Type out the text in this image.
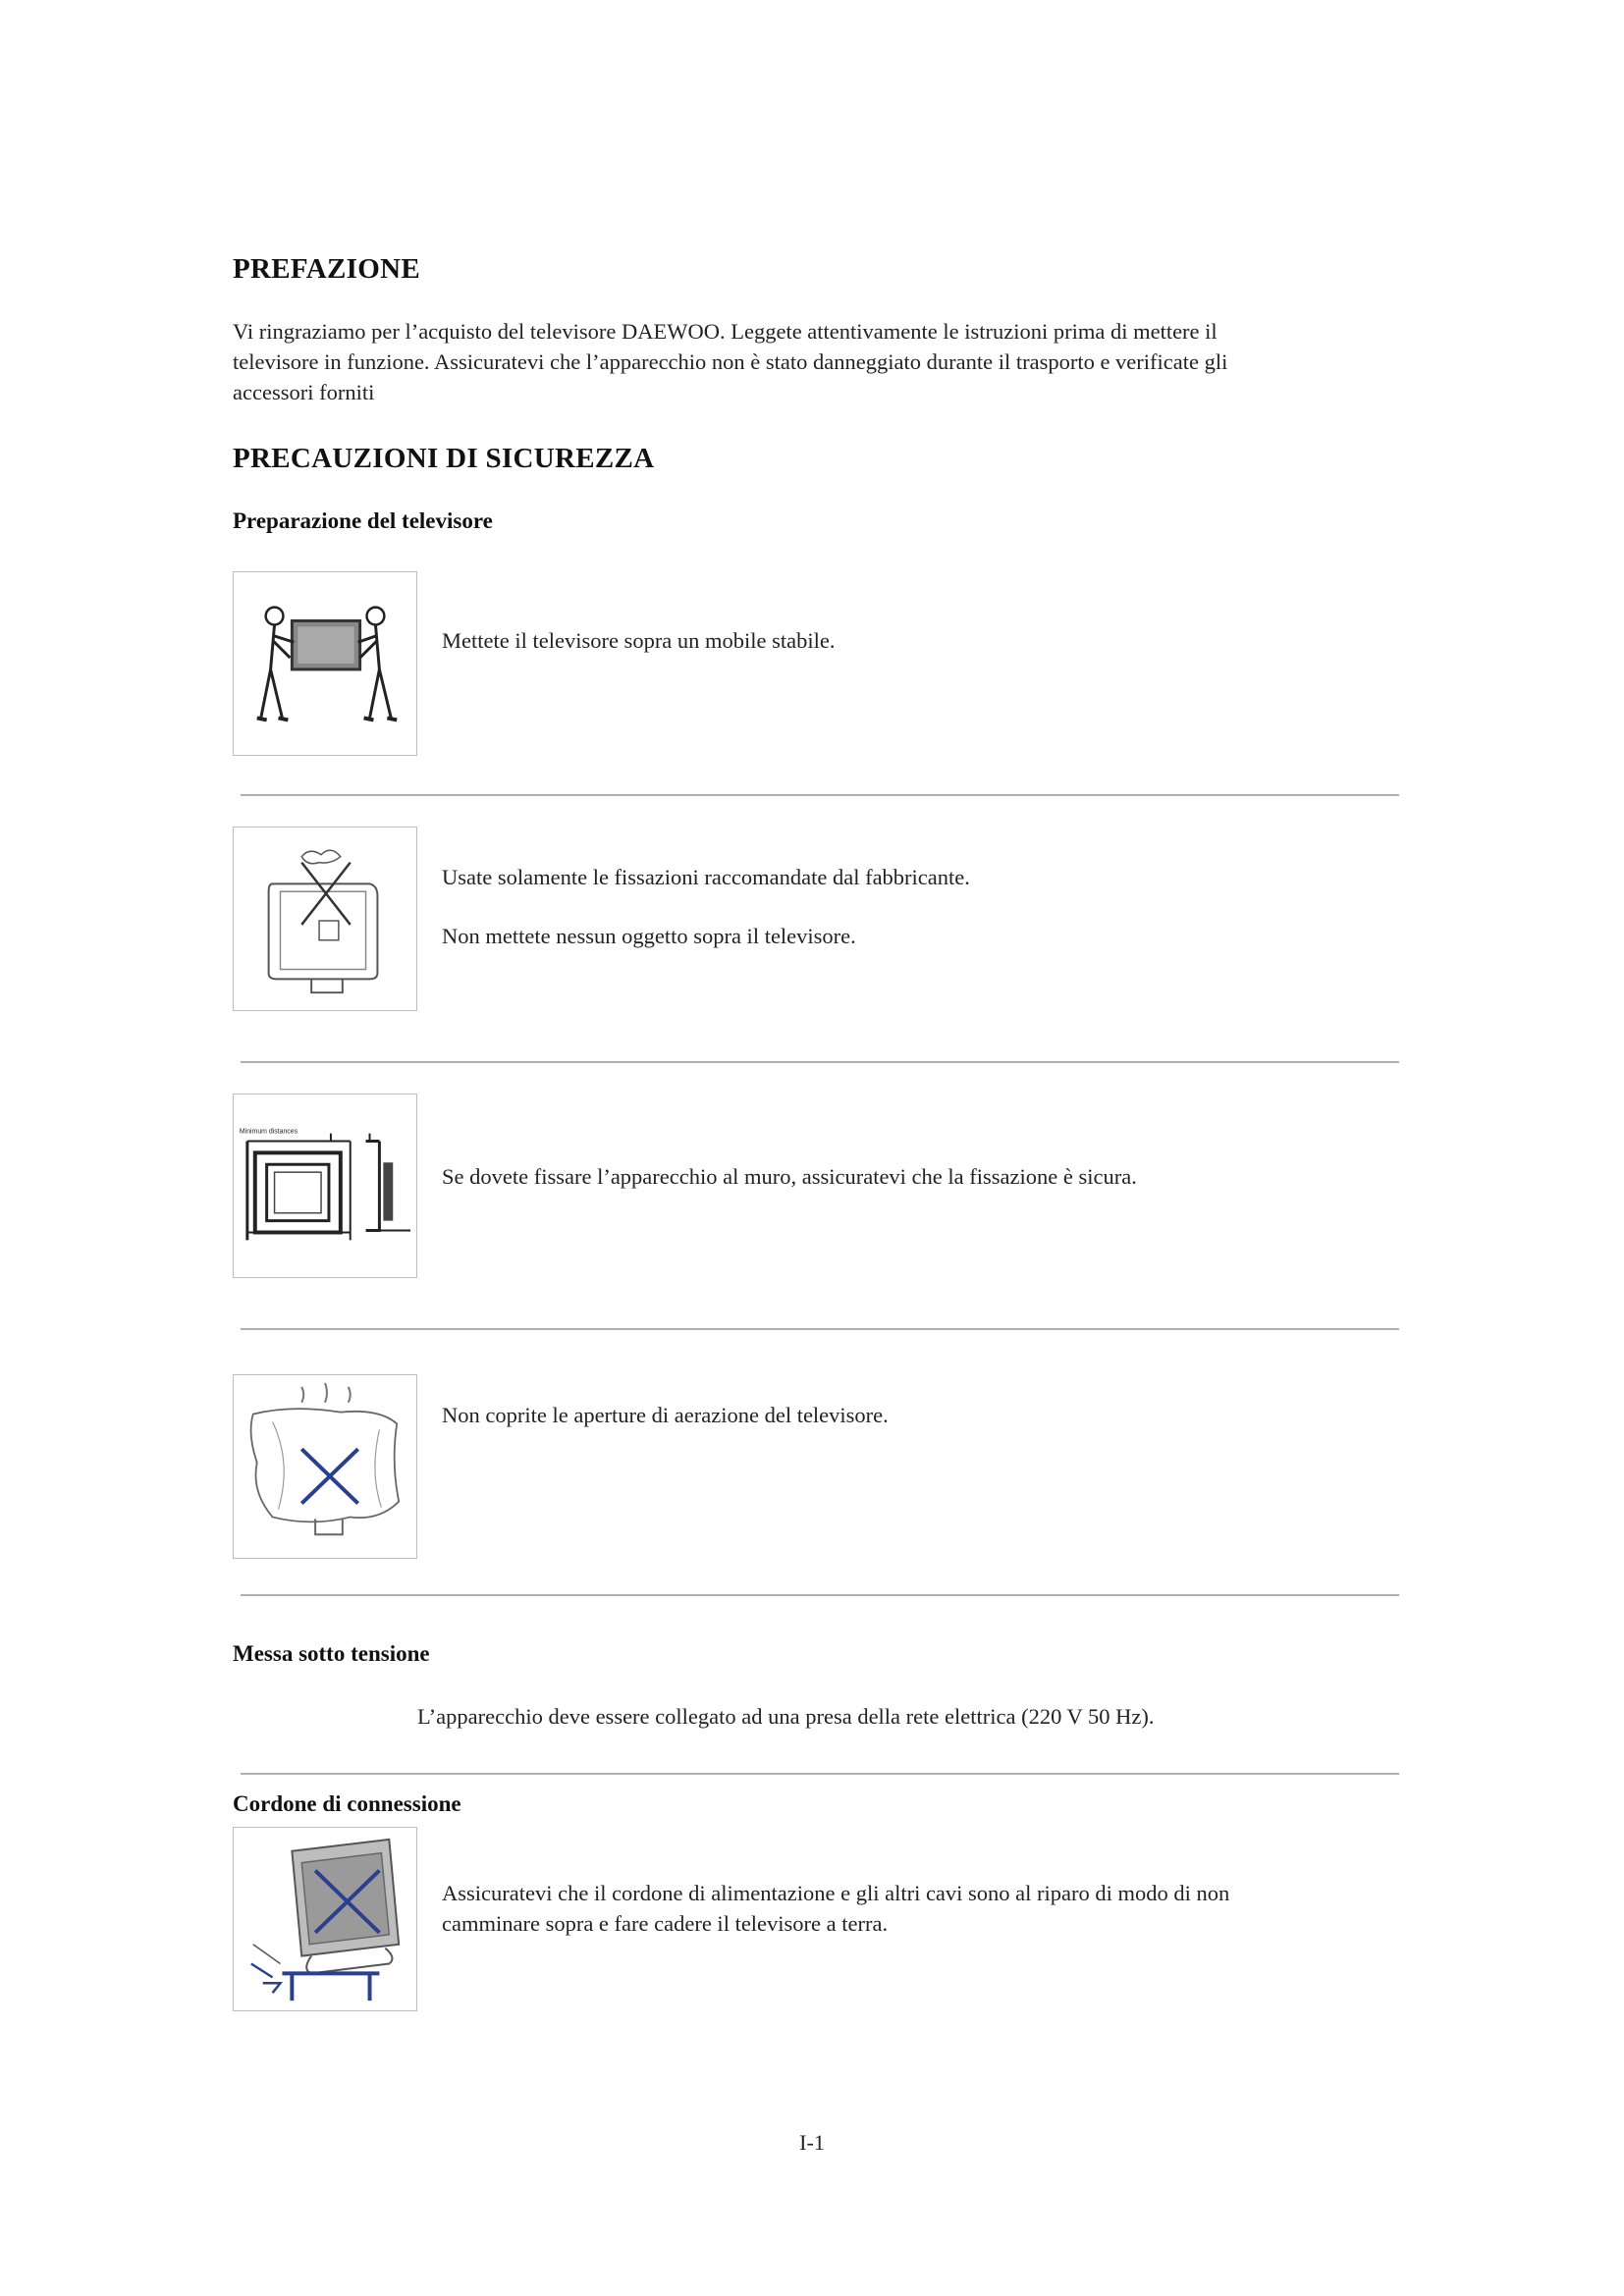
PREFAZIONE
Vi ringraziamo per l’acquisto del televisore DAEWOO. Leggete attentivamente le istruzioni prima di mettere il
televisore in funzione. Assicuratevi che l’apparecchio non è stato danneggiato durante il trasporto e verificate gli
accessori forniti
PRECAUZIONI DI SICUREZZA
Preparazione del televisore
Mettete il televisore sopra un mobile stabile.
Usate solamente le fissazioni raccomandate dal fabbricante.
Non mettete nessun oggetto sopra il televisore.
Minimum distances
Se dovete fissare l’apparecchio al muro, assicuratevi che la fissazione è sicura.
Non coprite le aperture di aerazione del televisore.
Messa sotto tensione
L’apparecchio deve essere collegato ad una presa della rete elettrica (220 V 50 Hz).
Cordone di connessione
Assicuratevi che il cordone di alimentazione e gli altri cavi sono al riparo di modo di non
camminare sopra e fare cadere il televisore a terra.
I-1
